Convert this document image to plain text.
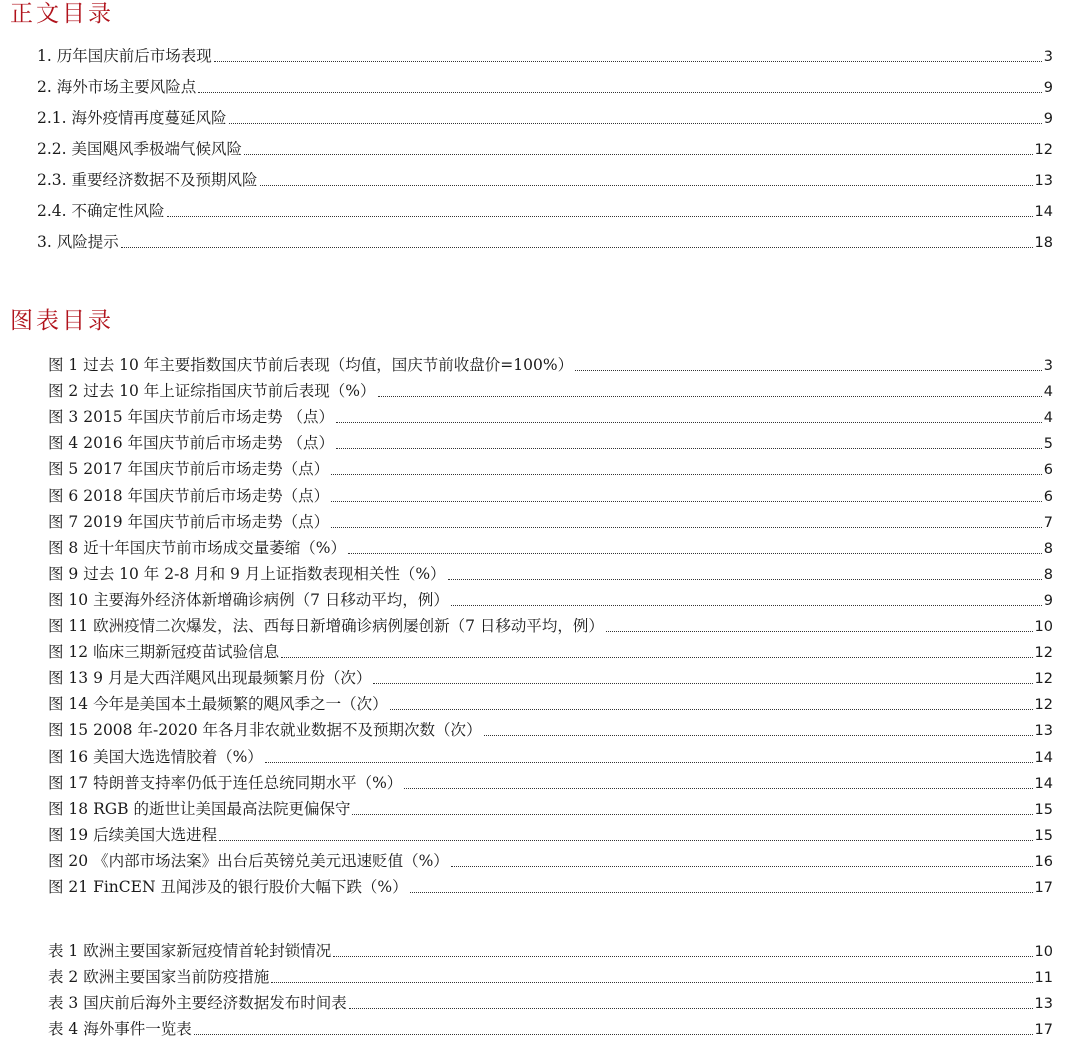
正文目录
图表目录
1. 历年国庆前后市场表现	3
2. 海外市场主要风险点	9
2.1. 海外疫情再度蔓延风险	9
2.2. 美国飓风季极端气候风险	12
2.3. 重要经济数据不及预期风险	13
2.4. 不确定性风险	14
3. 风险提示	18
图 1 过去 10 年主要指数国庆节前后表现（均值，国庆节前收盘价=100%）	3
图 2 过去 10 年上证综指国庆节前后表现（%）	4
图 3 2015 年国庆节前后市场走势 （点）	4
图 4 2016 年国庆节前后市场走势 （点）	5
图 5 2017 年国庆节前后市场走势（点）	6
图 6 2018 年国庆节前后市场走势（点）	6
图 7 2019 年国庆节前后市场走势（点）	7
图 8 近十年国庆节前市场成交量萎缩（%）	8
图 9 过去 10 年 2-8 月和 9 月上证指数表现相关性（%）	8
图 10 主要海外经济体新增确诊病例（7 日移动平均，例）	9
图 11 欧洲疫情二次爆发，法、西每日新增确诊病例屡创新（7 日移动平均，例）	10
图 12 临床三期新冠疫苗试验信息	12
图 13 9 月是大西洋飓风出现最频繁月份（次）	12
图 14 今年是美国本土最频繁的飓风季之一（次）	12
图 15 2008 年-2020 年各月非农就业数据不及预期次数（次）	13
图 16 美国大选选情胶着（%）	14
图 17 特朗普支持率仍低于连任总统同期水平（%）	14
图 18 RGB 的逝世让美国最高法院更偏保守	15
图 19 后续美国大选进程	15
图 20 《内部市场法案》出台后英镑兑美元迅速贬值（%）	16
图 21 FinCEN 丑闻涉及的银行股价大幅下跌（%）	17
表 1 欧洲主要国家新冠疫情首轮封锁情况	10
表 2 欧洲主要国家当前防疫措施	11
表 3 国庆前后海外主要经济数据发布时间表	13
表 4 海外事件一览表	17
